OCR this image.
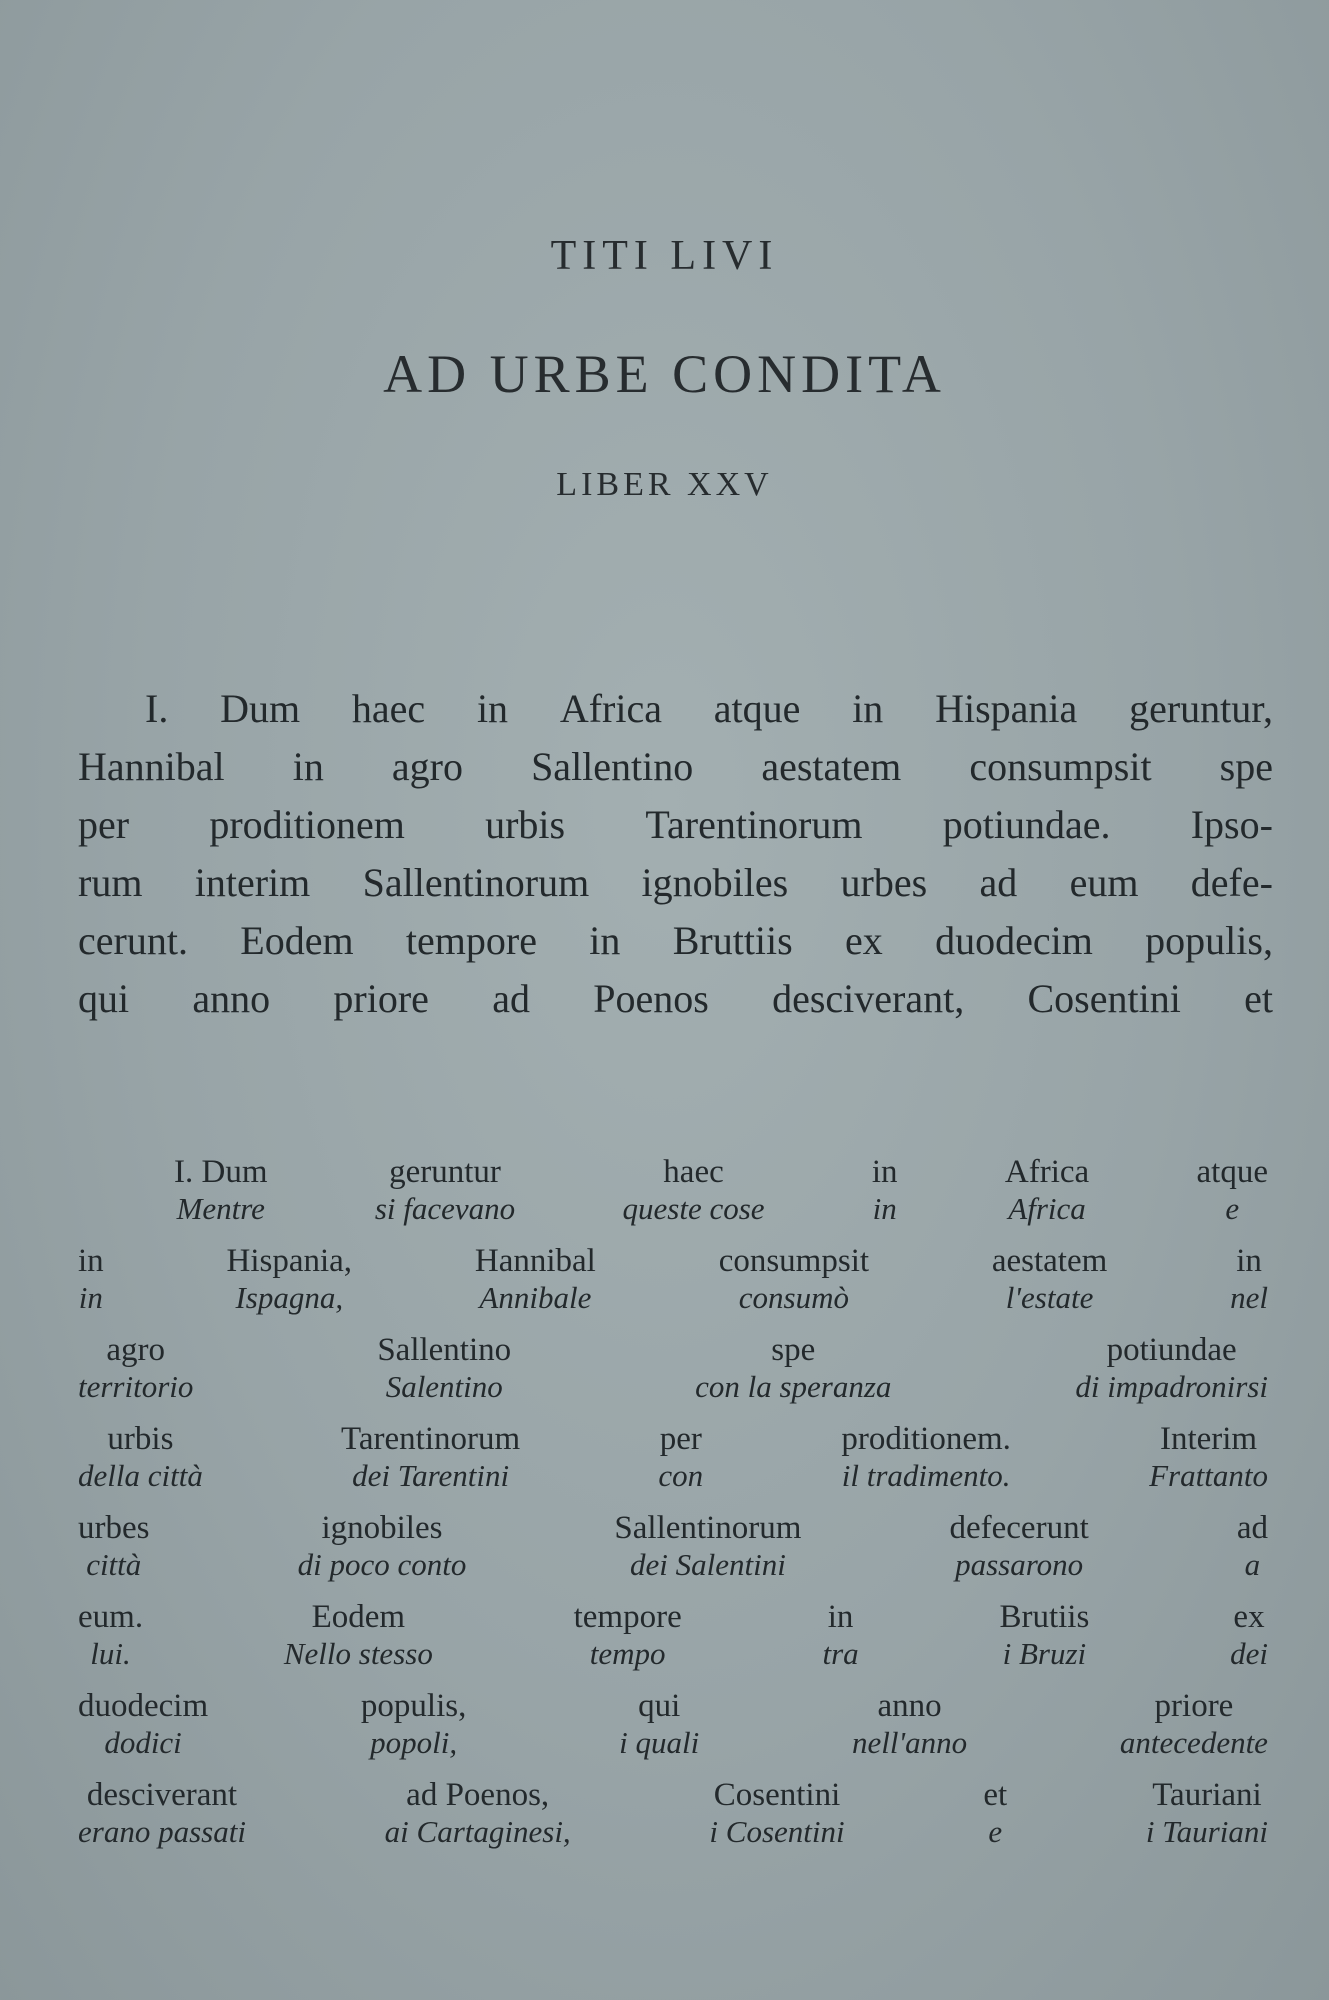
TITI LIVI
AD URBE CONDITA
LIBER XXV
I. Dum haec in Africa atque in Hispania geruntur,
Hannibal in agro Sallentino aestatem consumpsit spe
per proditionem urbis Tarentinorum potiundae. Ipso-
rum interim Sallentinorum ignobiles urbes ad eum defe-
cerunt. Eodem tempore in Bruttiis ex duodecim populis,
qui anno priore ad Poenos desciverant, Cosentini et
I. Dum
Mentre
geruntur
si facevano
haec
queste cose
in
in
Africa
Africa
atque
e
in
in
Hispania,
Ispagna,
Hannibal
Annibale
consumpsit
consumò
aestatem
l'estate
in
nel
agro
territorio
Sallentino
Salentino
spe
con la speranza
potiundae
di impadronirsi
urbis
della città
Tarentinorum
dei Tarentini
per
con
proditionem.
il tradimento.
Interim
Frattanto
urbes
città
ignobiles
di poco conto
Sallentinorum
dei Salentini
defecerunt
passarono
ad
a
eum.
lui.
Eodem
Nello stesso
tempore
tempo
in
tra
Brutiis
i Bruzi
ex
dei
duodecim
dodici
populis,
popoli,
qui
i quali
anno
nell'anno
priore
antecedente
desciverant
erano passati
ad Poenos,
ai Cartaginesi,
Cosentini
i Cosentini
et
e
Tauriani
i Tauriani
